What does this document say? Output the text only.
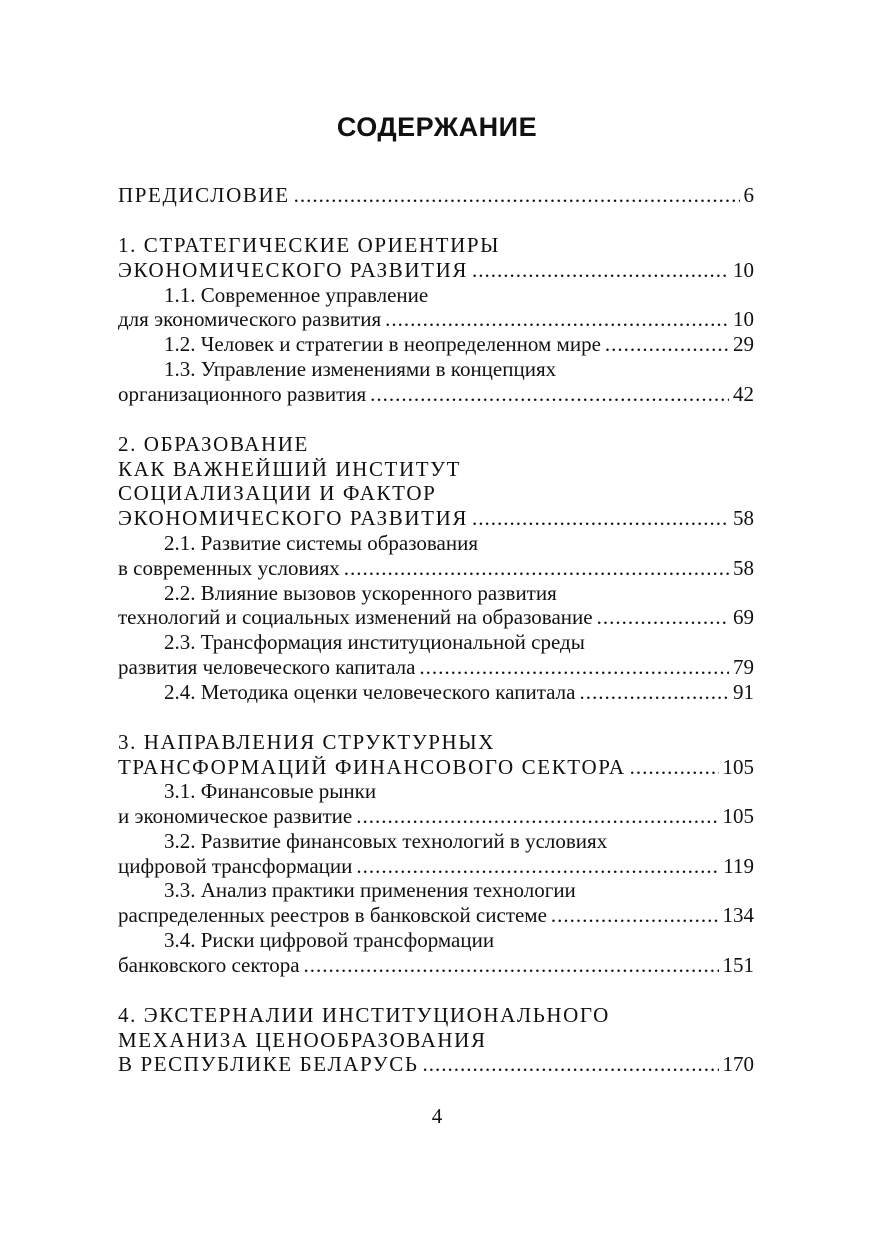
СОДЕРЖАНИЕ
ПРЕДИСЛОВИЕ .....	6
1. СТРАТЕГИЧЕСКИЕ ОРИЕНТИРЫ
ЭКОНОМИЧЕСКОГО РАЗВИТИЯ .....	10
1.1. Современное управление
для экономического развития .....	10
1.2. Человек и стратегии в неопределенном мире .....	29
1.3. Управление изменениями в концепциях
организационного развития .....	42
2. ОБРАЗОВАНИЕ
КАК ВАЖНЕЙШИЙ ИНСТИТУТ
СОЦИАЛИЗАЦИИ И ФАКТОР
ЭКОНОМИЧЕСКОГО РАЗВИТИЯ .....	58
2.1. Развитие системы образования
в современных условиях .....	58
2.2. Влияние вызовов ускоренного развития
технологий и социальных изменений на образование .....	69
2.3. Трансформация институциональной среды
развития человеческого капитала .....	79
2.4. Методика оценки человеческого капитала .....	91
3. НАПРАВЛЕНИЯ СТРУКТУРНЫХ
ТРАНСФОРМАЦИЙ ФИНАНСОВОГО СЕКТОРА .....	105
3.1. Финансовые рынки
и экономическое развитие .....	105
3.2. Развитие финансовых технологий в условиях
цифровой трансформации .....	119
3.3. Анализ практики применения технологии
распределенных реестров в банковской системе .....	134
3.4. Риски цифровой трансформации
банковского сектора .....	151
4. ЭКСТЕРНАЛИИ ИНСТИТУЦИОНАЛЬНОГО
МЕХАНИЗА ЦЕНООБРАЗОВАНИЯ
В РЕСПУБЛИКЕ БЕЛАРУСЬ .....	170
4
